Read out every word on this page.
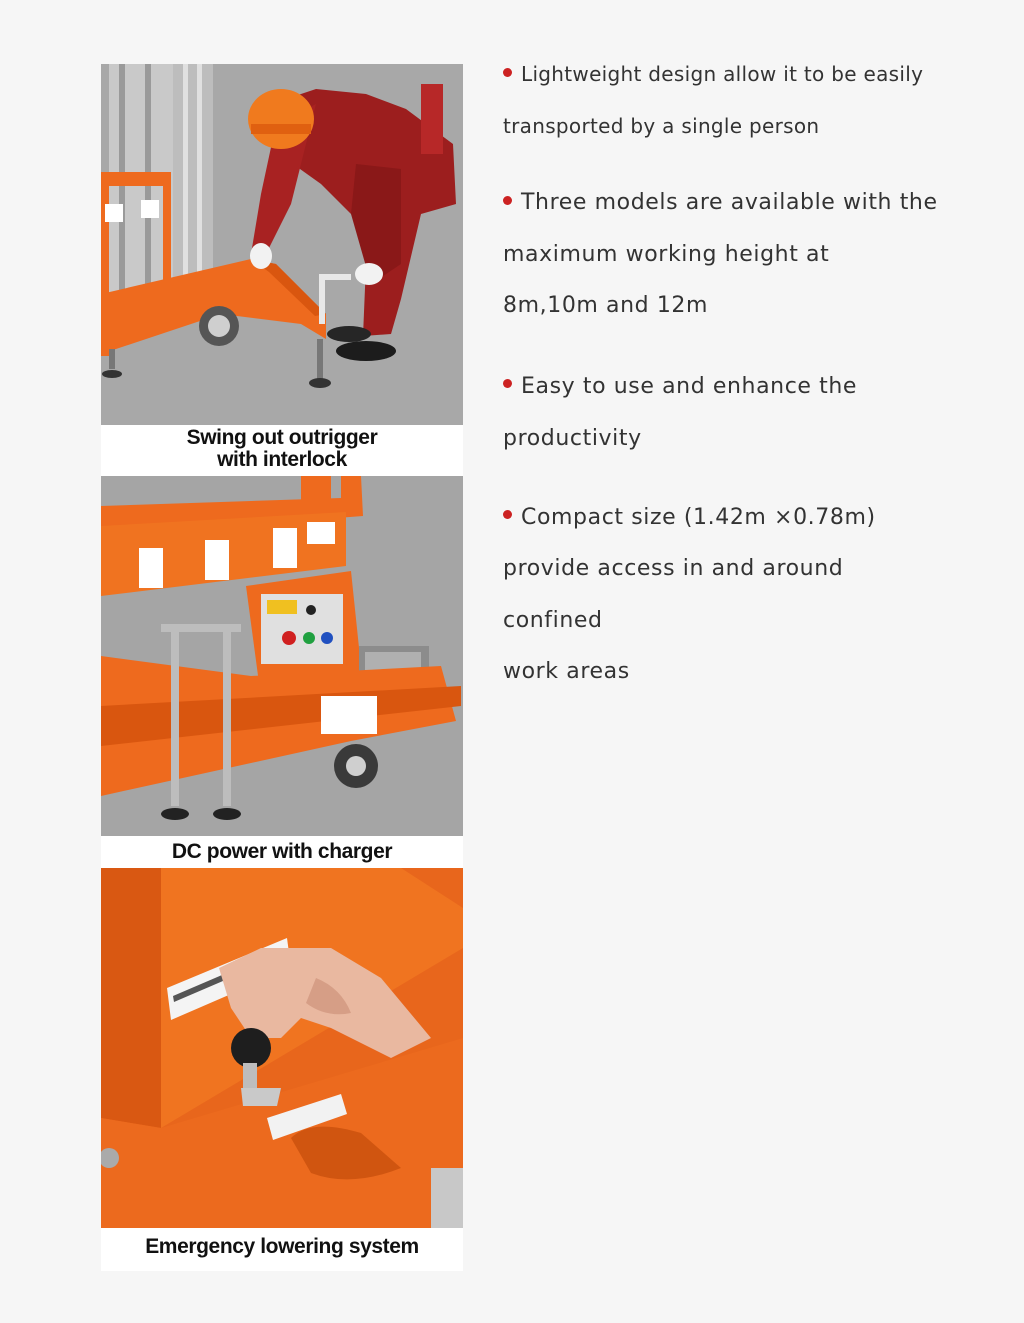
Swing out outrigger
with interlock
DC power with charger
Emergency lowering system

Lightweight design allow it to be easily
transported by a single person

Three models are available with the
maximum working height at
8m,10m and 12m

Easy to use and enhance the
productivity

Compact size (1.42m ×0.78m)
provide access in and around
confined
work areas
